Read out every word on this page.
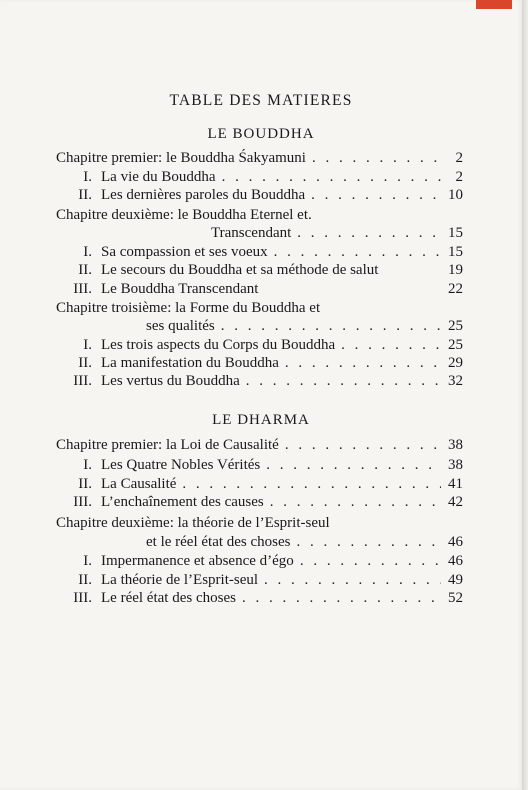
TABLE DES MATIERES
LE BOUDDHA
Chapitre premier: le Bouddha Śakyamuni . . .	2
I. La vie du Bouddha . . .	2
II. Les dernières paroles du Bouddha . . .	10
Chapitre deuxième: le Bouddha Eternel et.
Transcendant . . .	15
I. Sa compassion et ses voeux . . .	15
II. Le secours du Bouddha et sa méthode de salut	19
III. Le Bouddha Transcendant	22
Chapitre troisième: la Forme du Bouddha et
ses qualités . . .	25
I. Les trois aspects du Corps du Bouddha . . .	25
II. La manifestation du Bouddha . . .	29
III. Les vertus du Bouddha . . .	32
LE DHARMA
Chapitre premier: la Loi de Causalité . . .	38
I. Les Quatre Nobles Vérités . . .	38
II. La Causalité . . .	41
III. L’enchaînement des causes . . .	42
Chapitre deuxième: la théorie de l’Esprit-seul
et le réel état des choses . . .	46
I. Impermanence et absence d’égo . . .	46
II. La théorie de l’Esprit-seul . . .	49
III. Le réel état des choses . . .	52
